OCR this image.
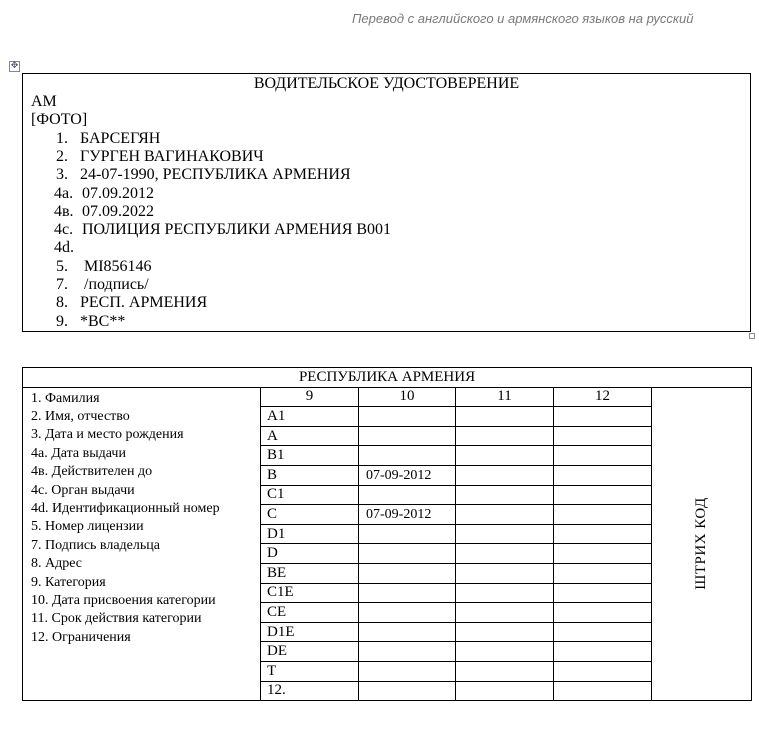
Перевод с английского и армянского языков на русский
✥
ВОДИТЕЛЬСКОЕ УДОСТОВЕРЕНИЕ
AM
[ФОТО]
1. БАРСЕГЯН
2. ГУРГЕН ВАГИНАКОВИЧ
3. 24-07-1990, РЕСПУБЛИКА АРМЕНИЯ
4a. 07.09.2012
4в. 07.09.2022
4c. ПОЛИЦИЯ РЕСПУБЛИКИ АРМЕНИЯ В001
4d.
5. MI856146
7. /подпись/
8. РЕСП. АРМЕНИЯ
9. *ВС**
РЕСПУБЛИКА АРМЕНИЯ

1. Фамилия
2. Имя, отчество
3. Дата и место рождения
4а. Дата выдачи
4в. Действителен до
4с. Орган выдачи
4d. Идентификационный номер
5. Номер лицензии
7. Подпись владельца
8. Адрес
9. Категория
10. Дата присвоения категории
11. Срок действия категории
12. Ограничения
	9	10	11	12	ШТРИХ КОД
A1			
A			
B1			
B	07-09-2012		
C1			
C	07-09-2012		
D1			
D			
BE			
C1E			
CE			
D1E			
DE			
T			
12.			
